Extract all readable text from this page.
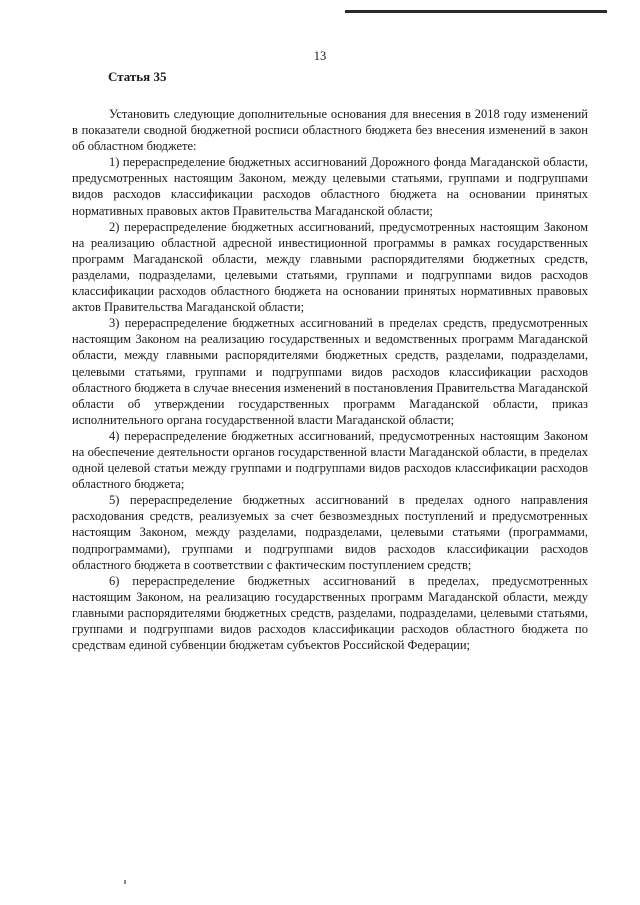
13
Статья 35

Установить следующие дополнительные основания для внесения в 2018 году изменений в показатели сводной бюджетной росписи областного бюджета без внесения изменений в закон об областном бюджете:

1) перераспределение бюджетных ассигнований Дорожного фонда Магаданской области, предусмотренных настоящим Законом, между целевыми статьями, группами и подгруппами видов расходов классификации расходов областного бюджета на основании принятых нормативных правовых актов Правительства Магаданской области;

2) перераспределение бюджетных ассигнований, предусмотренных настоящим Законом на реализацию областной адресной инвестиционной программы в рамках государственных программ Магаданской области, между главными распорядителями бюджетных средств, разделами, подразделами, целевыми статьями, группами и подгруппами видов расходов классификации расходов областного бюджета на основании принятых нормативных правовых актов Правительства Магаданской области;

3) перераспределение бюджетных ассигнований в пределах средств, предусмотренных настоящим Законом на реализацию государственных и ведомственных программ Магаданской области, между главными распорядителями бюджетных средств, разделами, подразделами, целевыми статьями, группами и подгруппами видов расходов классификации расходов областного бюджета в случае внесения изменений в постановления Правительства Магаданской области об утверждении государственных программ Магаданской области, приказ исполнительного органа государственной власти Магаданской области;

4) перераспределение бюджетных ассигнований, предусмотренных настоящим Законом на обеспечение деятельности органов государственной власти Магаданской области, в пределах одной целевой статьи между группами и подгруппами видов расходов классификации расходов областного бюджета;

5) перераспределение бюджетных ассигнований в пределах одного направления расходования средств, реализуемых за счет безвозмездных поступлений и предусмотренных настоящим Законом, между разделами, подразделами, целевыми статьями (программами, подпрограммами), группами и подгруппами видов расходов классификации расходов областного бюджета в соответствии с фактическим поступлением средств;

6) перераспределение бюджетных ассигнований в пределах, предусмотренных настоящим Законом, на реализацию государственных программ Магаданской области, между главными распорядителями бюджетных средств, разделами, подразделами, целевыми статьями, группами и подгруппами видов расходов классификации расходов областного бюджета по средствам единой субвенции бюджетам субъектов Российской Федерации;
